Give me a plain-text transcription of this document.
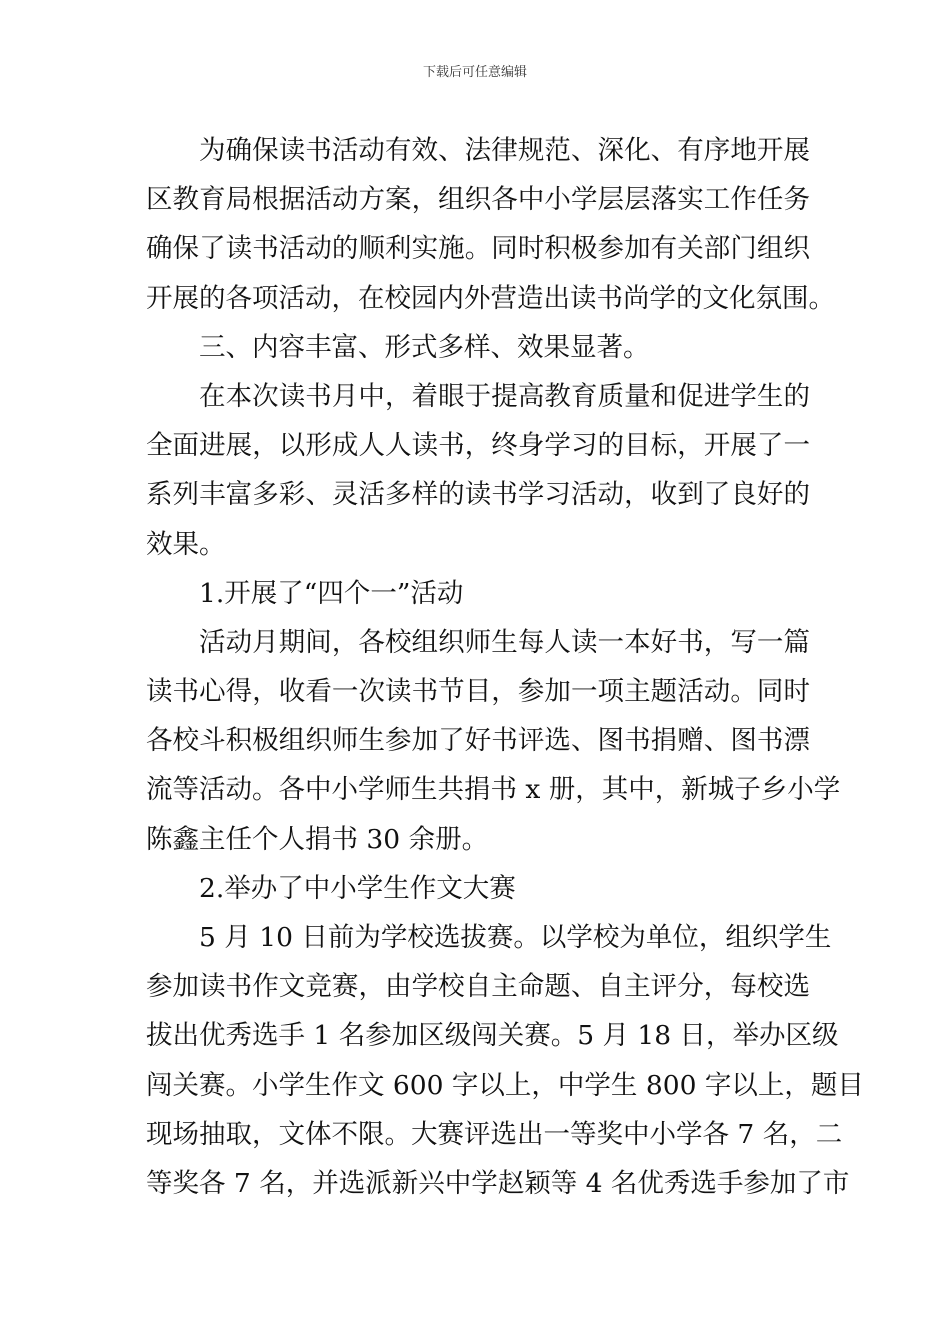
下载后可任意编辑
为确保读书活动有效、法律规范、深化、有序地开展
区教育局根据活动方案，组织各中小学层层落实工作任务
确保了读书活动的顺利实施。同时积极参加有关部门组织
开展的各项活动，在校园内外营造出读书尚学的文化氛围。
三、内容丰富、形式多样、效果显著。
在本次读书月中，着眼于提高教育质量和促进学生的
全面进展，以形成人人读书，终身学习的目标，开展了一
系列丰富多彩、灵活多样的读书学习活动，收到了良好的
效果。
1.开展了“四个一”活动
活动月期间，各校组织师生每人读一本好书，写一篇
读书心得，收看一次读书节目，参加一项主题活动。同时
各校斗积极组织师生参加了好书评选、图书捐赠、图书漂
流等活动。各中小学师生共捐书 x 册，其中，新城子乡小学
陈鑫主任个人捐书 30 余册。
2.举办了中小学生作文大赛
5 月 10 日前为学校选拔赛。以学校为单位，组织学生
参加读书作文竞赛，由学校自主命题、自主评分，每校选
拔出优秀选手 1 名参加区级闯关赛。5 月 18 日，举办区级
闯关赛。小学生作文 600 字以上，中学生 800 字以上，题目
现场抽取，文体不限。大赛评选出一等奖中小学各 7 名，二
等奖各 7 名，并选派新兴中学赵颖等 4 名优秀选手参加了市
